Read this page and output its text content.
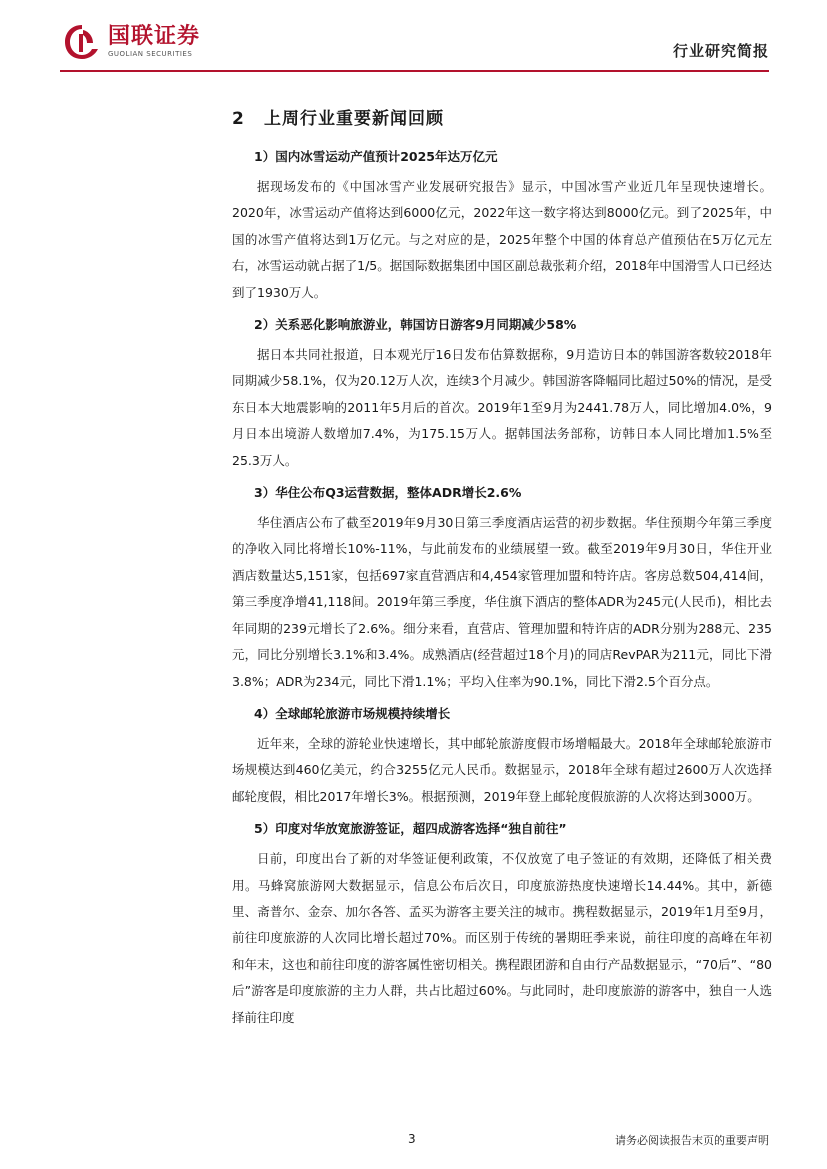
国联证券
GUOLIAN SECURITIES	行业研究简报
2 上周行业重要新闻回顾
1）国内冰雪运动产值预计2025年达万亿元

据现场发布的《中国冰雪产业发展研究报告》显示，中国冰雪产业近几年呈现快速增长。2020年，冰雪运动产值将达到6000亿元，2022年这一数字将达到8000亿元。到了2025年，中国的冰雪产值将达到1万亿元。与之对应的是，2025年整个中国的体育总产值预估在5万亿元左右，冰雪运动就占据了1/5。据国际数据集团中国区副总裁张莉介绍，2018年中国滑雪人口已经达到了1930万人。

2）关系恶化影响旅游业，韩国访日游客9月同期减少58%

据日本共同社报道，日本观光厅16日发布估算数据称，9月造访日本的韩国游客数较2018年同期减少58.1%，仅为20.12万人次，连续3个月减少。韩国游客降幅同比超过50%的情况，是受东日本大地震影响的2011年5月后的首次。2019年1至9月为2441.78万人，同比增加4.0%，9月日本出境游人数增加7.4%，为175.15万人。据韩国法务部称，访韩日本人同比增加1.5%至25.3万人。

3）华住公布Q3运营数据，整体ADR增长2.6%

华住酒店公布了截至2019年9月30日第三季度酒店运营的初步数据。华住预期今年第三季度的净收入同比将增长10%-11%，与此前发布的业绩展望一致。截至2019年9月30日，华住开业酒店数量达5,151家，包括697家直营酒店和4,454家管理加盟和特许店。客房总数504,414间，第三季度净增41,118间。2019年第三季度，华住旗下酒店的整体ADR为245元(人民币)，相比去年同期的239元增长了2.6%。细分来看，直营店、管理加盟和特许店的ADR分别为288元、235元，同比分别增长3.1%和3.4%。成熟酒店(经营超过18个月)的同店RevPAR为211元，同比下滑3.8%；ADR为234元，同比下滑1.1%；平均入住率为90.1%，同比下滑2.5个百分点。

4）全球邮轮旅游市场规模持续增长

近年来，全球的游轮业快速增长，其中邮轮旅游度假市场增幅最大。2018年全球邮轮旅游市场规模达到460亿美元，约合3255亿元人民币。数据显示，2018年全球有超过2600万人次选择邮轮度假，相比2017年增长3%。根据预测，2019年登上邮轮度假旅游的人次将达到3000万。

5）印度对华放宽旅游签证，超四成游客选择“独自前往”

日前，印度出台了新的对华签证便利政策，不仅放宽了电子签证的有效期，还降低了相关费用。马蜂窝旅游网大数据显示，信息公布后次日，印度旅游热度快速增长14.44%。其中，新德里、斋普尔、金奈、加尔各答、孟买为游客主要关注的城市。携程数据显示，2019年1月至9月，前往印度旅游的人次同比增长超过70%。而区别于传统的暑期旺季来说，前往印度的高峰在年初和年末，这也和前往印度的游客属性密切相关。携程跟团游和自由行产品数据显示，“70后”、“80后”游客是印度旅游的主力人群，共占比超过60%。与此同时，赴印度旅游的游客中，独自一人选择前往印度

3	请务必阅读报告末页的重要声明
